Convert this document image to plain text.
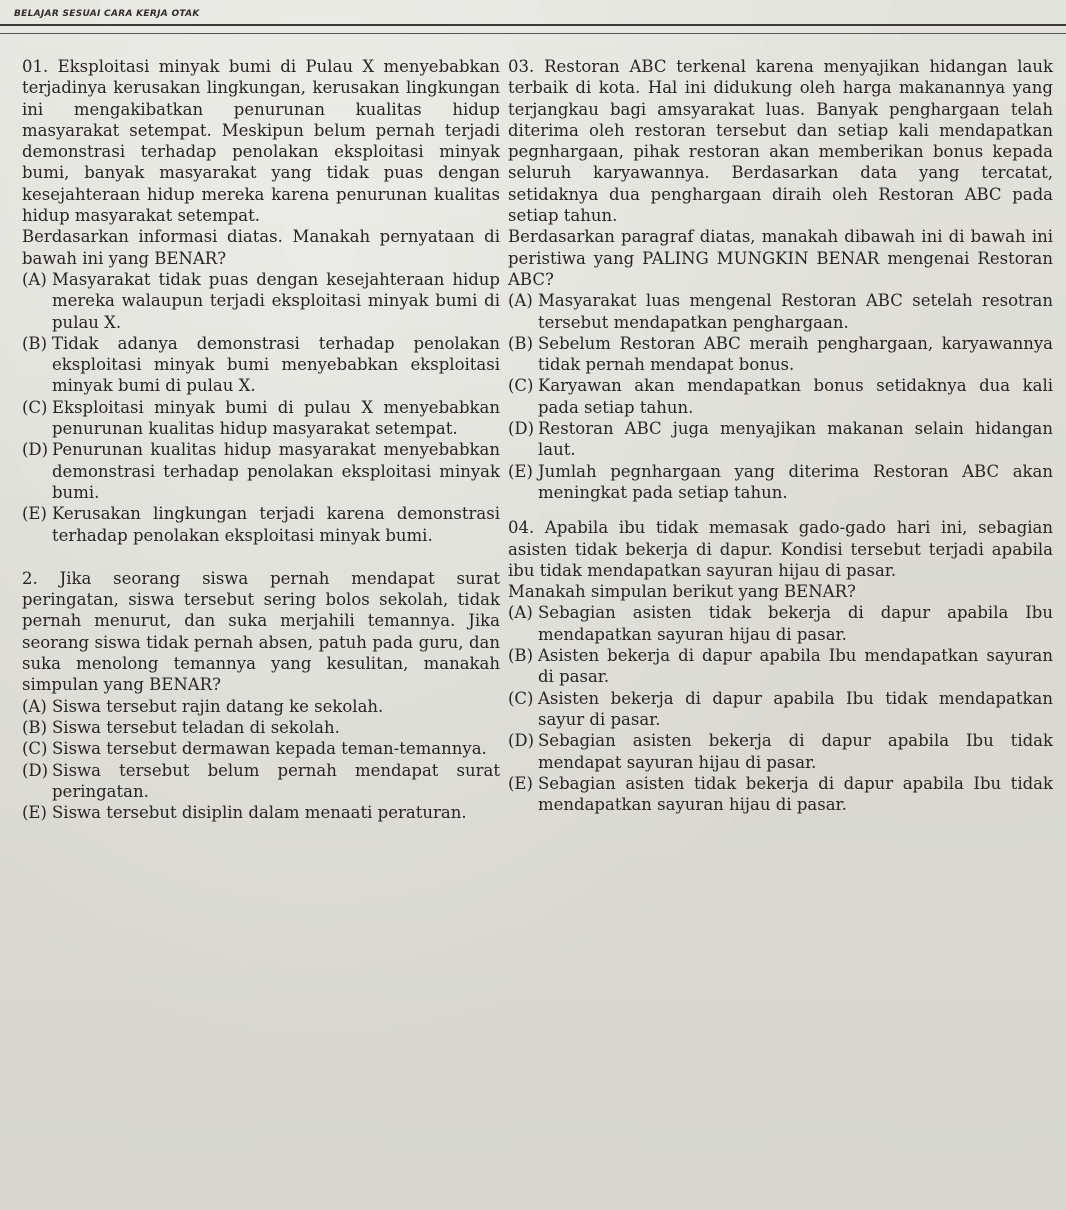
BELAJAR SESUAI CARA KERJA OTAK
01. Eksploitasi minyak bumi di Pulau X menyebabkan terjadinya kerusakan lingkungan, kerusakan lingkungan ini mengakibatkan penurunan kualitas hidup masyarakat setempat. Meskipun belum pernah terjadi demonstrasi terhadap penolakan eksploitasi minyak bumi, banyak masyarakat yang tidak puas dengan kesejahteraan hidup mereka karena penurunan kualitas hidup masyarakat setempat.
Berdasarkan informasi diatas. Manakah pernyataan di bawah ini yang BENAR?
(A) Masyarakat tidak puas dengan kesejahteraan hidup mereka walaupun terjadi eksploitasi minyak bumi di pulau X.
(B) Tidak adanya demonstrasi terhadap penolakan eksploitasi minyak bumi menyebabkan eksploitasi minyak bumi di pulau X.
(C) Eksploitasi minyak bumi di pulau X menyebabkan penurunan kualitas hidup masyarakat setempat.
(D) Penurunan kualitas hidup masyarakat menyebabkan demonstrasi terhadap penolakan eksploitasi minyak bumi.
(E) Kerusakan lingkungan terjadi karena demonstrasi terhadap penolakan eksploitasi minyak bumi.
2. Jika seorang siswa pernah mendapat surat peringatan, siswa tersebut sering bolos sekolah, tidak pernah menurut, dan suka merjahili temannya. Jika seorang siswa tidak pernah absen, patuh pada guru, dan suka menolong temannya yang kesulitan, manakah simpulan yang BENAR?
(A) Siswa tersebut rajin datang ke sekolah.
(B) Siswa tersebut teladan di sekolah.
(C) Siswa tersebut dermawan kepada teman-temannya.
(D) Siswa tersebut belum pernah mendapat surat peringatan.
(E) Siswa tersebut disiplin dalam menaati peraturan.
03. Restoran ABC terkenal karena menyajikan hidangan lauk terbaik di kota. Hal ini didukung oleh harga makanannya yang terjangkau bagi amsyarakat luas. Banyak penghargaan telah diterima oleh restoran tersebut dan setiap kali mendapatkan pegnhargaan, pihak restoran akan memberikan bonus kepada seluruh karyawannya. Berdasarkan data yang tercatat, setidaknya dua penghargaan diraih oleh Restoran ABC pada setiap tahun.
Berdasarkan paragraf diatas, manakah dibawah ini di bawah ini peristiwa yang PALING MUNGKIN BENAR mengenai Restoran ABC?
(A) Masyarakat luas mengenal Restoran ABC setelah resotran tersebut mendapatkan penghargaan.
(B) Sebelum Restoran ABC meraih penghargaan, karyawannya tidak pernah mendapat bonus.
(C) Karyawan akan mendapatkan bonus setidaknya dua kali pada setiap tahun.
(D) Restoran ABC juga menyajikan makanan selain hidangan laut.
(E) Jumlah pegnhargaan yang diterima Restoran ABC akan meningkat pada setiap tahun.
04. Apabila ibu tidak memasak gado-gado hari ini, sebagian asisten tidak bekerja di dapur. Kondisi tersebut terjadi apabila ibu tidak mendapatkan sayuran hijau di pasar.
Manakah simpulan berikut yang BENAR?
(A) Sebagian asisten tidak bekerja di dapur apabila Ibu mendapatkan sayuran hijau di pasar.
(B) Asisten bekerja di dapur apabila Ibu mendapatkan sayuran di pasar.
(C) Asisten bekerja di dapur apabila Ibu tidak mendapatkan sayur di pasar.
(D) Sebagian asisten bekerja di dapur apabila Ibu tidak mendapat sayuran hijau di pasar.
(E) Sebagian asisten tidak bekerja di dapur apabila Ibu tidak mendapatkan sayuran hijau di pasar.
